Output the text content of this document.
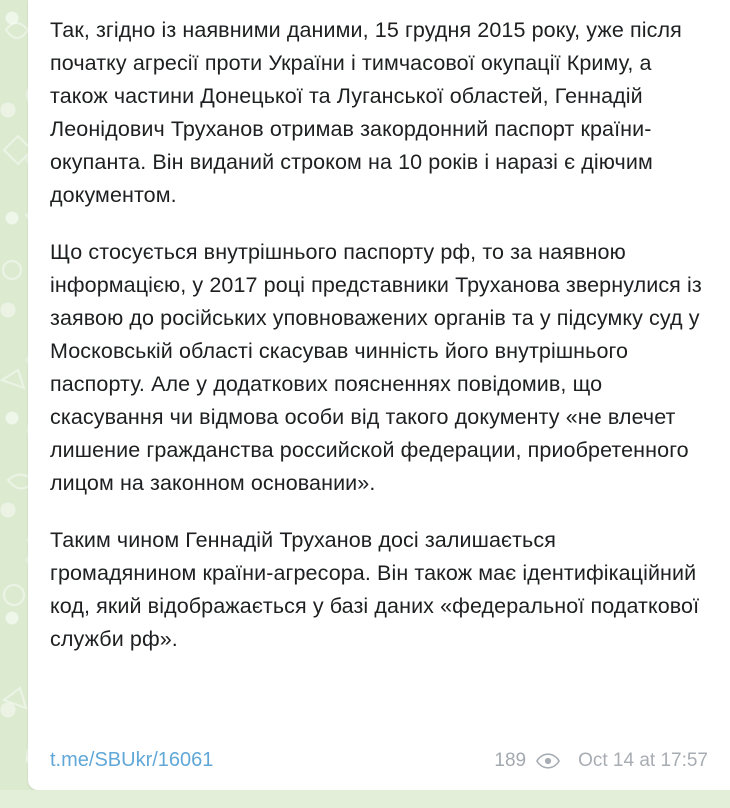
Так, згідно із наявними даними, 15 грудня 2015 року, уже після початку агресії проти України і тимчасової окупації Криму, а також частини Донецької та Луганської областей, Геннадій Леонідович Труханов отримав закордонний паспорт країни-окупанта. Він виданий строком на 10 років і наразі є діючим документом.
Що стосується внутрішнього паспорту рф, то за наявною інформацією, у 2017 році представники Труханова звернулися із заявою до російських уповноважених органів та у підсумку суд у Московській області скасував чинність його внутрішнього паспорту. Але у додаткових поясненнях повідомив, що скасування чи відмова особи від такого документу «не влечет лишение гражданства российской федерации, приобретенного лицом на законном основании».
Таким чином Геннадій Труханов досі залишається громадянином країни-агресора. Він також має ідентифікаційний код, який відображається у базі даних «федеральної податкової служби рф».
t.me/SBUkr/16061	189	Oct 14 at 17:57
